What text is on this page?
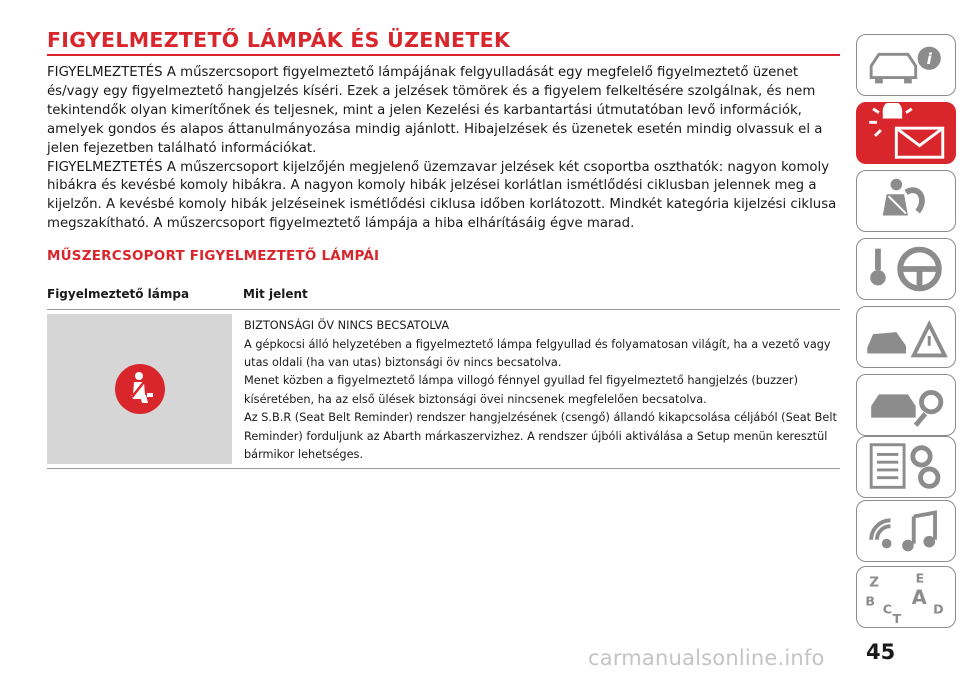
FIGYELMEZTETŐ LÁMPÁK ÉS ÜZENETEK

FIGYELMEZTETÉS A műszercsoport figyelmeztető lámpájának felgyulladását egy megfelelő figyelmeztető üzenet és/vagy egy figyelmeztető hangjelzés kíséri. Ezek a jelzések tömörek és a figyelem felkeltésére szolgálnak, és nem tekintendők olyan kimerítőnek és teljesnek, mint a jelen Kezelési és karbantartási útmutatóban levő információk, amelyek gondos és alapos áttanulmányozása mindig ajánlott. Hibajelzések és üzenetek esetén mindig olvassuk el a jelen fejezetben található információkat.

FIGYELMEZTETÉS A műszercsoport kijelzőjén megjelenő üzemzavar jelzések két csoportba oszthatók: nagyon komoly hibákra és kevésbé komoly hibákra. A nagyon komoly hibák jelzései korlátlan ismétlődési ciklusban jelennek meg a kijelzőn. A kevésbé komoly hibák jelzéseinek ismétlődési ciklusa időben korlátozott. Mindkét kategória kijelzési ciklusa megszakítható. A műszercsoport figyelmeztető lámpája a hiba elhárításáig égve marad.

MŰSZERCSOPORT FIGYELMEZTETŐ LÁMPÁI
Figyelmeztető lámpa	Mit jelent
BIZTONSÁGI ÖV NINCS BECSATOLVA
A gépkocsi álló helyzetében a figyelmeztető lámpa felgyullad és folyamatosan világít, ha a vezető vagy utas oldali (ha van utas) biztonsági öv nincs becsatolva.
Menet közben a figyelmeztető lámpa villogó fénnyel gyullad fel figyelmeztető hangjelzés (buzzer) kíséretében, ha az első ülések biztonsági övei nincsenek megfelelően becsatolva.
Az S.B.R (Seat Belt Reminder) rendszer hangjelzésének (csengő) állandó kikapcsolása céljából (Seat Belt Reminder) forduljunk az Abarth márkaszervizhez. A rendszer újbóli aktiválása a Setup menün keresztül bármikor lehetséges.
i
Z	E
B A
C	D
T
45
carmanualsonline.info
